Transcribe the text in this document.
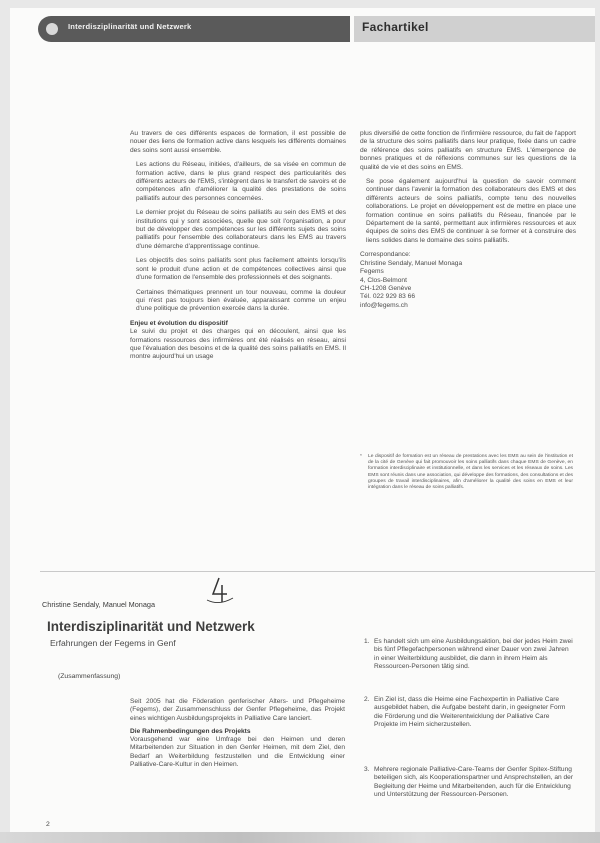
Interdisziplinarität und Netzwerk	Fachartikel

Au travers de ces différents espaces de formation, il est possible de nouer des liens de formation active dans lesquels les différents domaines des soins sont aussi ensemble.

Les actions du Réseau, initiées, d'ailleurs, de sa visée en commun de formation active, dans le plus grand respect des particularités des différents acteurs de l'EMS, s'intègrent dans le transfert de savoirs et de compétences afin d'améliorer la qualité des prestations de soins palliatifs autour des personnes concernées.

Le dernier projet du Réseau de soins palliatifs au sein des EMS et des institutions qui y sont associées, quelle que soit l'organisation, a pour but de développer des compétences sur les différents sujets des soins palliatifs pour l'ensemble des collaborateurs dans les EMS au travers d'une démarche d'apprentissage continue.

Les objectifs des soins palliatifs sont plus facilement atteints lorsqu'ils sont le produit d'une action et de compétences collectives ainsi que d'une formation de l'ensemble des professionnels et des soignants.

Certaines thématiques prennent un tour nouveau, comme la douleur qui n'est pas toujours bien évaluée, apparaissant comme un enjeu d'une politique de prévention exercée dans la durée.

Enjeu et évolution du dispositif

Le suivi du projet et des charges qui en découlent, ainsi que les formations ressources des infirmières ont été réalisés en réseau, ainsi que l'évaluation des besoins et de la qualité des soins palliatifs en EMS. Il montre aujourd'hui un usage

plus diversifié de cette fonction de l'infirmière ressource, du fait de l'apport de la structure des soins palliatifs dans leur pratique, fixée dans un cadre de référence des soins palliatifs en structure EMS. L'émergence de bonnes pratiques et de réflexions communes sur les questions de la qualité de vie et des soins en EMS.

Se pose également aujourd'hui la question de savoir comment continuer dans l'avenir la formation des collaborateurs des EMS et des différents acteurs de soins palliatifs, compte tenu des nouvelles collaborations. Le projet en développement est de mettre en place une formation continue en soins palliatifs du Réseau, financée par le Département de la santé, permettant aux infirmières ressources et aux équipes de soins des EMS de continuer à se former et à construire des liens solides dans le domaine des soins palliatifs.

Correspondance:

Christine Sendaly, Manuel Monaga

Fegems

4, Clos-Belmont

CH-1208 Genève

Tél. 022 929 83 66

info@fegems.ch

* Le dispositif de formation est un réseau de prestations avec les EMS au sein de l'institution et de la cité de Genève qui fait promouvoir les soins palliatifs dans chaque EMS de Genève, en formation interdisciplinaire et institutionnelle, et dans les services et les réseaux de soins. Les EMS sont réunis dans une association, qui développe des formations, des consultations et des groupes de travail interdisciplinaires, afin d'améliorer la qualité des soins en EMS et leur intégration dans le réseau de soins palliatifs.
Christine Sendaly, Manuel Monaga
Interdisziplinarität und Netzwerk
Erfahrungen der Fegems in Genf
(Zusammenfassung)

Seit 2005 hat die Föderation genferischer Alters- und Pflegeheime (Fegems), der Zusammenschluss der Genfer Pflegeheime, das Projekt eines wichtigen Ausbildungsprojekts in Palliative Care lanciert.

Die Rahmenbedingungen des Projekts

Vorausgehend war eine Umfrage bei den Heimen und deren Mitarbeitenden zur Situation in den Genfer Heimen, mit dem Ziel, den Bedarf an Weiterbildung festzustellen und die Entwicklung einer Palliative-Care-Kultur in den Heimen.

1. Es handelt sich um eine Ausbildungsaktion, bei der jedes Heim zwei bis fünf Pflegefachpersonen während einer Dauer von zwei Jahren in einer Weiterbildung ausbildet, die dann in ihrem Heim als Ressourcen-Personen tätig sind.
2. Ein Ziel ist, dass die Heime eine Fachexpertin in Palliative Care ausgebildet haben, die Aufgabe besteht darin, in geeigneter Form die Förderung und die Weiterentwicklung der Palliative Care Projekte im Heim sicherzustellen.
3. Mehrere regionale Palliative-Care-Teams der Genfer Spitex-Stiftung beteiligen sich, als Kooperationspartner und Ansprechstellen, an der Begleitung der Heime und Mitarbeitenden, auch für die Entwicklung und Unterstützung der Ressourcen-Personen.
2
